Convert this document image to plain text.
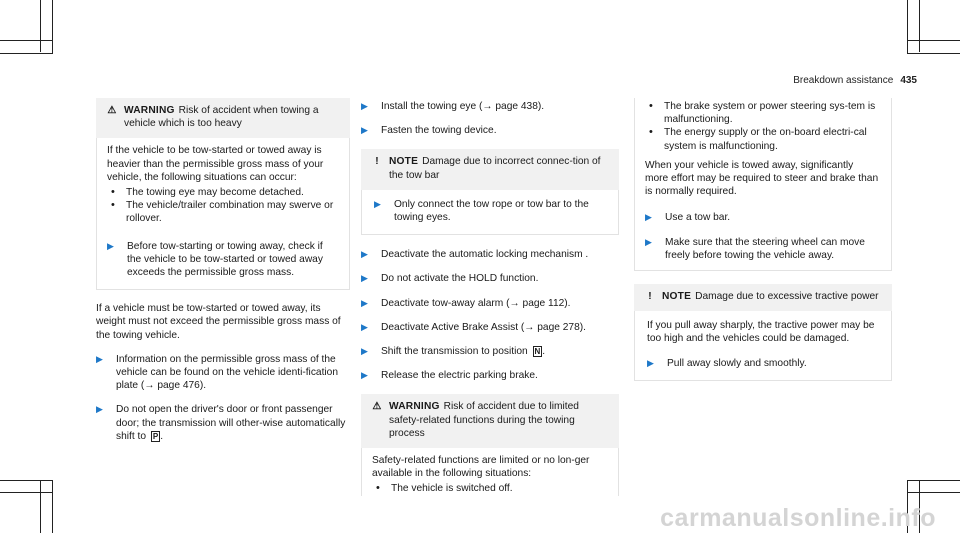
Breakdown assistance 435
⚠ WARNING Risk of accident when towing a vehicle which is too heavy

If the vehicle to be tow-started or towed away is heavier than the permissible gross mass of your vehicle, the following situations can occur:

• The towing eye may become detached.
• The vehicle/trailer combination may swerve or rollover.
▶	Before tow-starting or towing away, check if the vehicle to be tow-started or towed away exceeds the permissible gross mass.

If a vehicle must be tow-started or towed away, its weight must not exceed the permissible gross mass of the towing vehicle.

▶	Information on the permissible gross mass of the vehicle can be found on the vehicle identi-fication plate (→ page 476).
▶	Do not open the driver's door or front passenger door; the transmission will other-wise automatically shift to P .
▶	Install the towing eye (→ page 438).
▶	Fasten the towing device.
!	NOTE Damage due to incorrect connec-tion of the tow bar
▶	Only connect the tow rope or tow bar to the towing eyes.
▶	Deactivate the automatic locking mechanism .
▶	Do not activate the HOLD function.
▶	Deactivate tow-away alarm (→ page 112).
▶	Deactivate Active Brake Assist (→ page 278).
▶	Shift the transmission to position N .
▶	Release the electric parking brake.
⚠ WARNING Risk of accident due to limited safety-related functions during the towing process

Safety-related functions are limited or no lon-ger available in the following situations:

• The vehicle is switched off.
• The brake system or power steering sys-tem is malfunctioning.
• The energy supply or the on-board electri-cal system is malfunctioning.

When your vehicle is towed away, significantly more effort may be required to steer and brake than is normally required.

▶	Use a tow bar.
▶	Make sure that the steering wheel can move freely before towing the vehicle away.
!	NOTE Damage due to excessive tractive power

If you pull away sharply, the tractive power may be too high and the vehicles could be damaged.

▶	Pull away slowly and smoothly.
carmanualsonline.info
